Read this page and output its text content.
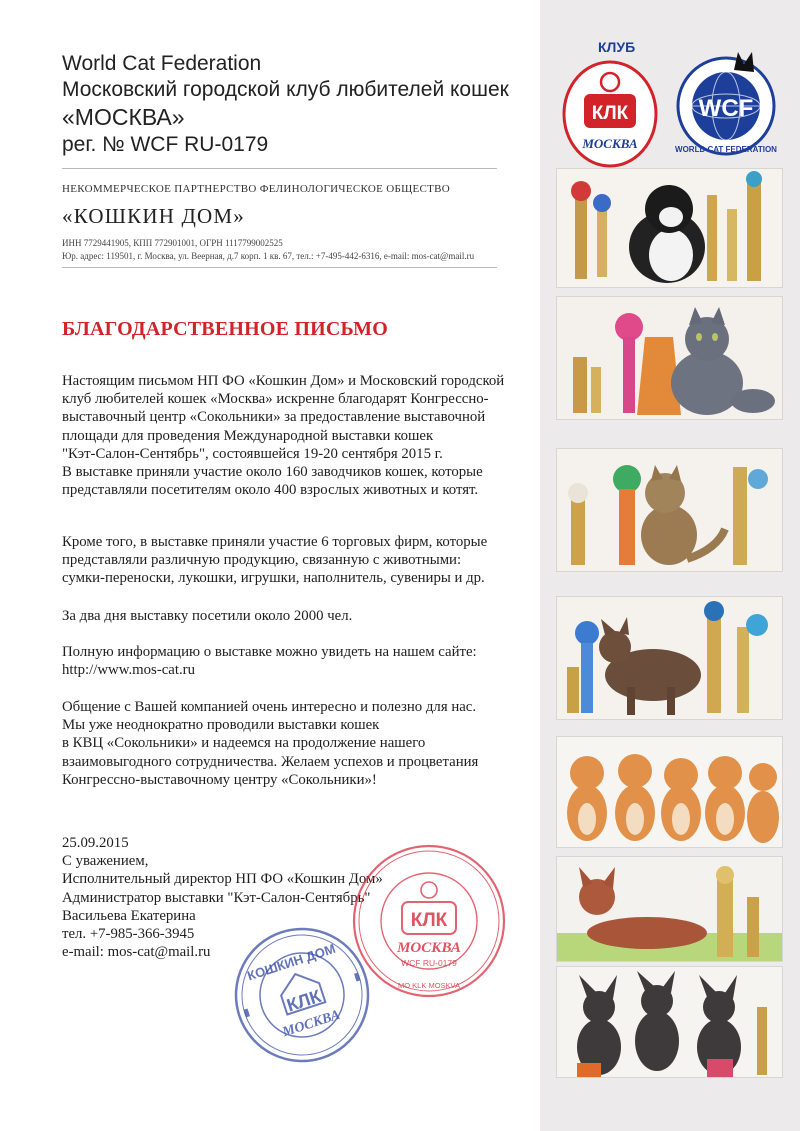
World Cat Federation
Московский городской клуб любителей кошек
«МОСКВА»
рег. № WCF RU-0179
НЕКОММЕРЧЕСКОЕ ПАРТНЕРСТВО ФЕЛИНОЛОГИЧЕСКОЕ ОБЩЕСТВО
«КОШКИН ДОМ»
ИНН 7729441905, КПП 772901001, ОГРН 1117799002525
Юр. адрес: 119501, г. Москва, ул. Веерная, д.7 корп. 1 кв. 67, тел.: +7-495-442-6316, e-mail: mos-cat@mail.ru
БЛАГОДАРСТВЕННОЕ ПИСЬМО
Настоящим письмом НП ФО «Кошкин Дом» и Московский городской
клуб любителей кошек «Москва» искренне благодарят Конгрессно-
выставочный центр «Сокольники» за предоставление выставочной
площади для проведения Международной выставки кошек
"Кэт-Салон-Сентябрь", состоявшейся 19-20 сентября 2015 г.
В выставке приняли участие около 160 заводчиков кошек, которые
представляли посетителям около 400 взрослых животных и котят.
Кроме того, в выставке приняли участие 6 торговых фирм, которые
представляли различную продукцию, связанную с животными:
сумки-переноски, лукошки, игрушки, наполнитель, сувениры и др.
За два дня выставку посетили около 2000 чел.
Полную информацию о выставке можно увидеть на нашем сайте:
http://www.mos-cat.ru
Общение с Вашей компанией очень интересно и полезно для нас.
Мы уже неоднократно проводили выставки кошек
в КВЦ «Сокольники» и надеемся на продолжение нашего
взаимовыгодного сотрудничества. Желаем успехов и процветания
Конгрессно-выставочному центру «Сокольники»!
25.09.2015
С уважением,
Исполнительный директор НП ФО «Кошкин Дом»
Администратор выставки "Кэт-Салон-Сентябрь"
Васильева Екатерина
тел. +7-985-366-3945
e-mail: mos-cat@mail.ru
КЛК
МОСКВА
КОШКИН ДОМ
КЛК
МОСКВА
WCF RU-0179
MO KLK MOSKVA
КЛУБ
КЛК
МОСКВА
WCF
WORLD CAT FEDERATION
